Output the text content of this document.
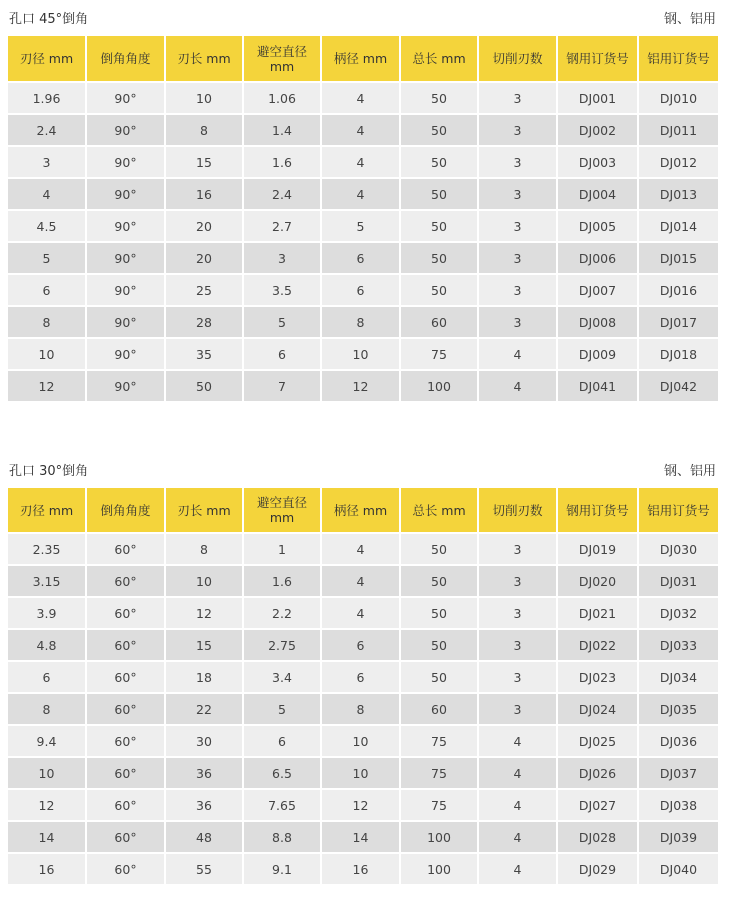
孔口 45°倒角	钢、铝用
刃径 mm	倒角角度	刃长 mm	避空直径 mm	柄径 mm	总长 mm	切削刃数	钢用订货号	铝用订货号
1.96	90°	10	1.06	4	50	3	DJ001	DJ010
2.4	90°	8	1.4	4	50	3	DJ002	DJ011
3	90°	15	1.6	4	50	3	DJ003	DJ012
4	90°	16	2.4	4	50	3	DJ004	DJ013
4.5	90°	20	2.7	5	50	3	DJ005	DJ014
5	90°	20	3	6	50	3	DJ006	DJ015
6	90°	25	3.5	6	50	3	DJ007	DJ016
8	90°	28	5	8	60	3	DJ008	DJ017
10	90°	35	6	10	75	4	DJ009	DJ018
12	90°	50	7	12	100	4	DJ041	DJ042
孔口 30°倒角	钢、铝用
刃径 mm	倒角角度	刃长 mm	避空直径 mm	柄径 mm	总长 mm	切削刃数	钢用订货号	铝用订货号
2.35	60°	8	1	4	50	3	DJ019	DJ030
3.15	60°	10	1.6	4	50	3	DJ020	DJ031
3.9	60°	12	2.2	4	50	3	DJ021	DJ032
4.8	60°	15	2.75	6	50	3	DJ022	DJ033
6	60°	18	3.4	6	50	3	DJ023	DJ034
8	60°	22	5	8	60	3	DJ024	DJ035
9.4	60°	30	6	10	75	4	DJ025	DJ036
10	60°	36	6.5	10	75	4	DJ026	DJ037
12	60°	36	7.65	12	75	4	DJ027	DJ038
14	60°	48	8.8	14	100	4	DJ028	DJ039
16	60°	55	9.1	16	100	4	DJ029	DJ040
